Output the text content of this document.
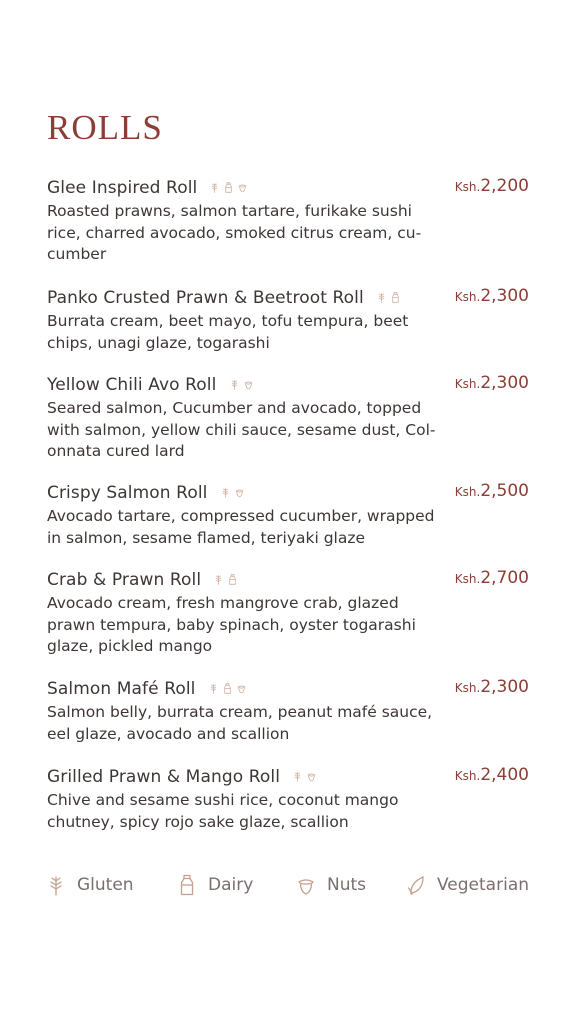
ROLLS
Glee Inspired Roll	Ksh.2,200
Roasted prawns, salmon tartare, furikake sushi rice, charred avocado, smoked citrus cream, cu-cumber
Panko Crusted Prawn & Beetroot Roll	Ksh.2,300
Burrata cream, beet mayo, tofu tempura, beet chips, unagi glaze, togarashi
Yellow Chili Avo Roll	Ksh.2,300
Seared salmon, Cucumber and avocado, topped with salmon, yellow chili sauce, sesame dust, Col-onnata cured lard
Crispy Salmon Roll	Ksh.2,500
Avocado tartare, compressed cucumber, wrapped in salmon, sesame flamed, teriyaki glaze
Crab & Prawn Roll	Ksh.2,700
Avocado cream, fresh mangrove crab, glazed prawn tempura, baby spinach, oyster togarashi glaze, pickled mango
Salmon Mafé Roll	Ksh.2,300
Salmon belly, burrata cream, peanut mafé sauce, eel glaze, avocado and scallion
Grilled Prawn & Mango Roll	Ksh.2,400
Chive and sesame sushi rice, coconut mango chutney, spicy rojo sake glaze, scallion
Gluten	Dairy	Nuts	Vegetarian
